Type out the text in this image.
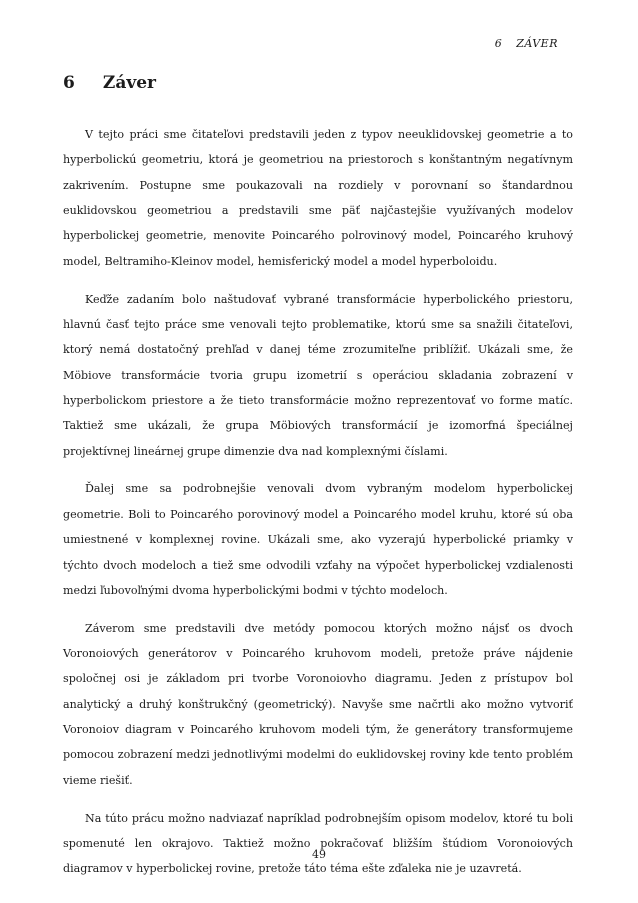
6 ZÁVER
6 Záver

V tejto práci sme čitateľovi predstavili jeden z typov neeuklidovskej geometrie a to hyperbolickú geometriu, ktorá je geometriou na priestoroch s konštantným negatívnym zakrivením. Postupne sme poukazovali na rozdiely v porovnaní so štandardnou euklidovskou geometriou a predstavili sme päť najčastejšie využívaných modelov hyperbolickej geometrie, menovite Poincarého polrovinový model, Poincarého kruhový model, Beltramiho-Kleinov model, hemisferický model a model hyperboloidu.

Keďže zadaním bolo naštudovať vybrané transformácie hyperbolického priestoru, hlavnú časť tejto práce sme venovali tejto problematike, ktorú sme sa snažili čitateľovi, ktorý nemá dostatočný prehľad v danej téme zrozumiteľne priblížiť. Ukázali sme, že Möbiove transformácie tvoria grupu izometrií s operáciou skladania zobrazení v hyperbolickom priestore a že tieto transformácie možno reprezentovať vo forme matíc. Taktiež sme ukázali, že grupa Möbiových transformácií je izomorfná špeciálnej projektívnej lineárnej grupe dimenzie dva nad komplexnými číslami.

Ďalej sme sa podrobnejšie venovali dvom vybraným modelom hyperbolickej geometrie. Boli to Poincarého porovinový model a Poincarého model kruhu, ktoré sú oba umiestnené v komplexnej rovine. Ukázali sme, ako vyzerajú hyperbolické priamky v týchto dvoch modeloch a tiež sme odvodili vzťahy na výpočet hyperbolickej vzdialenosti medzi ľubovoľnými dvoma hyperbolickými bodmi v týchto modeloch.

Záverom sme predstavili dve metódy pomocou ktorých možno nájsť os dvoch Voronoiových generátorov v Poincarého kruhovom modeli, pretože práve nájdenie spoločnej osi je základom pri tvorbe Voronoiovho diagramu. Jeden z prístupov bol analytický a druhý konštrukčný (geometrický). Navyše sme načrtli ako možno vytvoriť Voronoiov diagram v Poincarého kruhovom modeli tým, že generátory transformujeme pomocou zobrazení medzi jednotlivými modelmi do euklidovskej roviny kde tento problém vieme riešiť.

Na túto prácu možno nadviazať napríklad podrobnejším opisom modelov, ktoré tu boli spomenuté len okrajovo. Taktiež možno pokračovať bližším štúdiom Voronoiových diagramov v hyperbolickej rovine, pretože táto téma ešte zďaleka nie je uzavretá.

49
